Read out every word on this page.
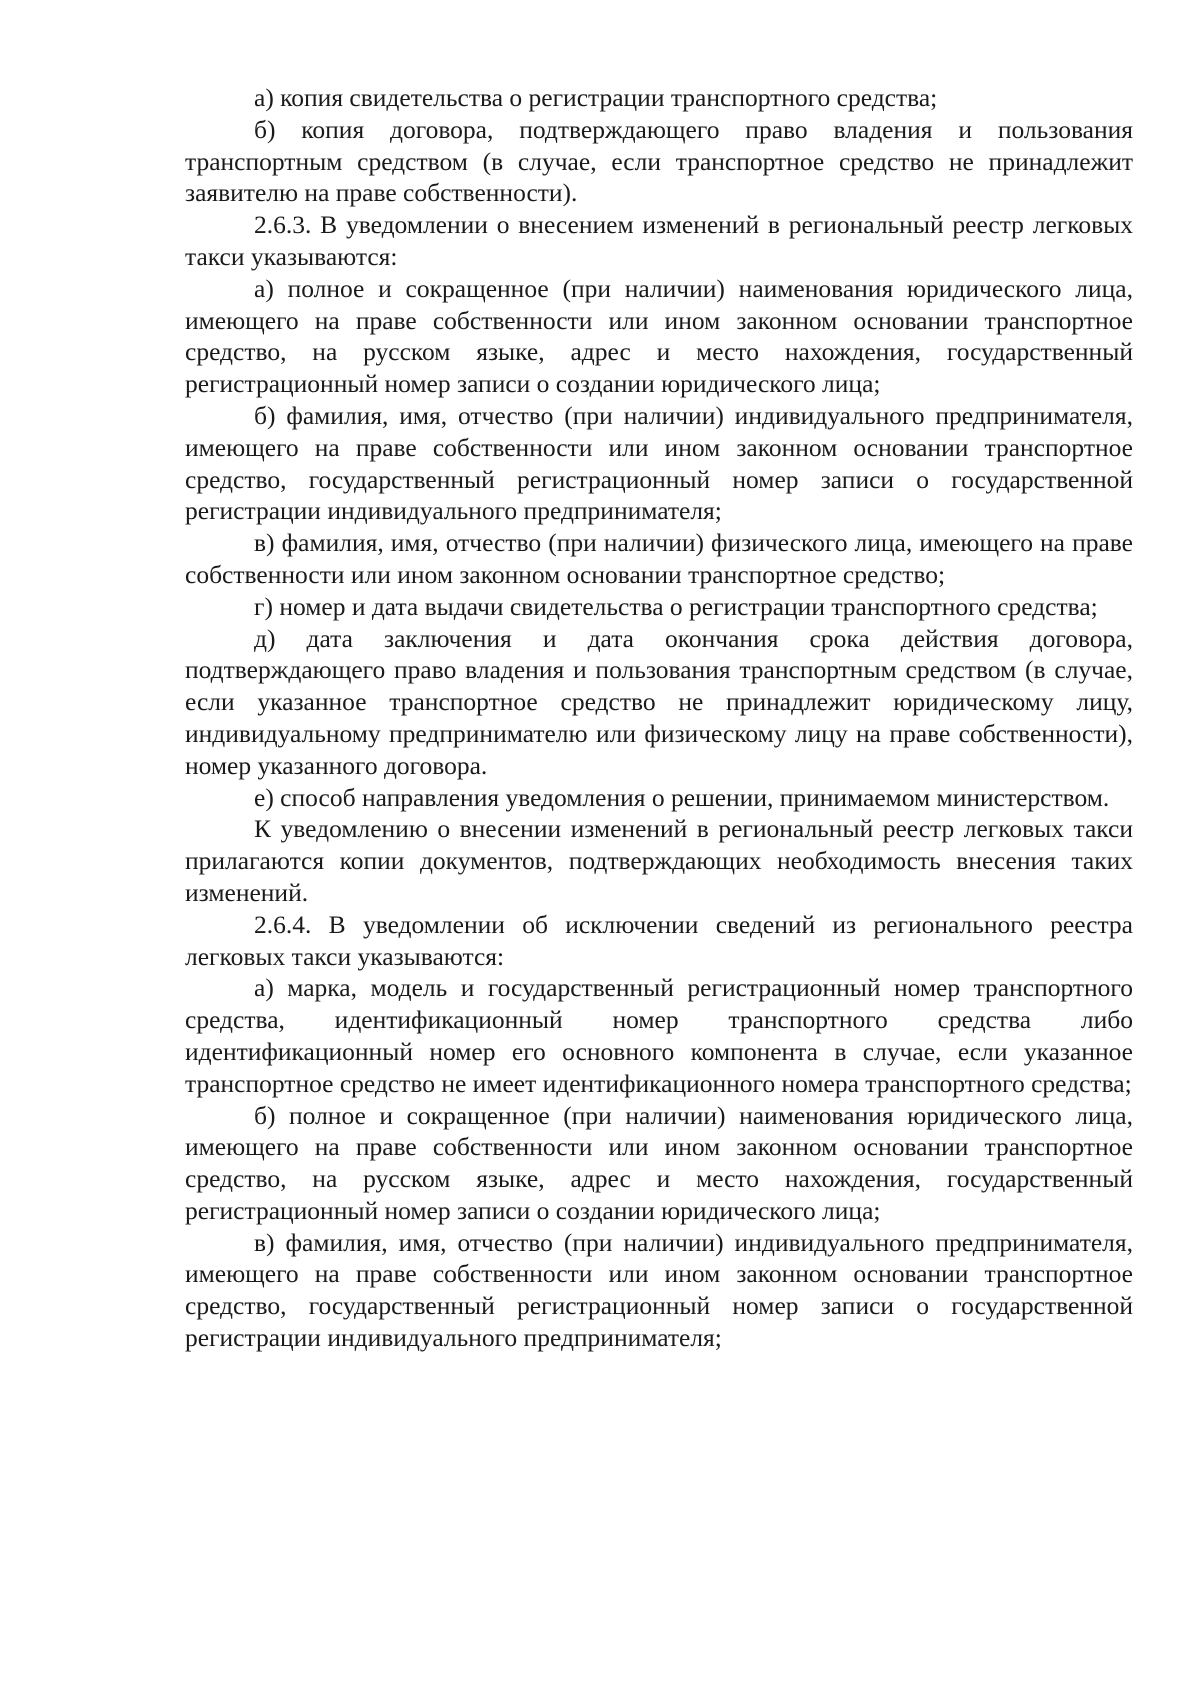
а) копия свидетельства о регистрации транспортного средства;

б) копия договора, подтверждающего право владения и пользования транспортным средством (в случае, если транспортное средство не принадлежит заявителю на праве собственности).

2.6.3. В уведомлении о внесением изменений в региональный реестр легковых такси указываются:

а) полное и сокращенное (при наличии) наименования юридического лица, имеющего на праве собственности или ином законном основании транспортное средство, на русском языке, адрес и место нахождения, государственный регистрационный номер записи о создании юридического лица;

б) фамилия, имя, отчество (при наличии) индивидуального предпринимателя, имеющего на праве собственности или ином законном основании транспортное средство, государственный регистрационный номер записи о государственной регистрации индивидуального предпринимателя;

в) фамилия, имя, отчество (при наличии) физического лица, имеющего на праве собственности или ином законном основании транспортное средство;

г) номер и дата выдачи свидетельства о регистрации транспортного средства;

д) дата заключения и дата окончания срока действия договора, подтверждающего право владения и пользования транспортным средством (в случае, если указанное транспортное средство не принадлежит юридическому лицу, индивидуальному предпринимателю или физическому лицу на праве собственности), номер указанного договора.

е) способ направления уведомления о решении, принимаемом министерством.

К уведомлению о внесении изменений в региональный реестр легковых такси прилагаются копии документов, подтверждающих необходимость внесения таких изменений.

2.6.4. В уведомлении об исключении сведений из регионального реестра легковых такси указываются:

а) марка, модель и государственный регистрационный номер транспортного средства, идентификационный номер транспортного средства либо идентификационный номер его основного компонента в случае, если указанное транспортное средство не имеет идентификационного номера транспортного средства;

б) полное и сокращенное (при наличии) наименования юридического лица, имеющего на праве собственности или ином законном основании транспортное средство, на русском языке, адрес и место нахождения, государственный регистрационный номер записи о создании юридического лица;

в) фамилия, имя, отчество (при наличии) индивидуального предпринимателя, имеющего на праве собственности или ином законном основании транспортное средство, государственный регистрационный номер записи о государственной регистрации индивидуального предпринимателя;
